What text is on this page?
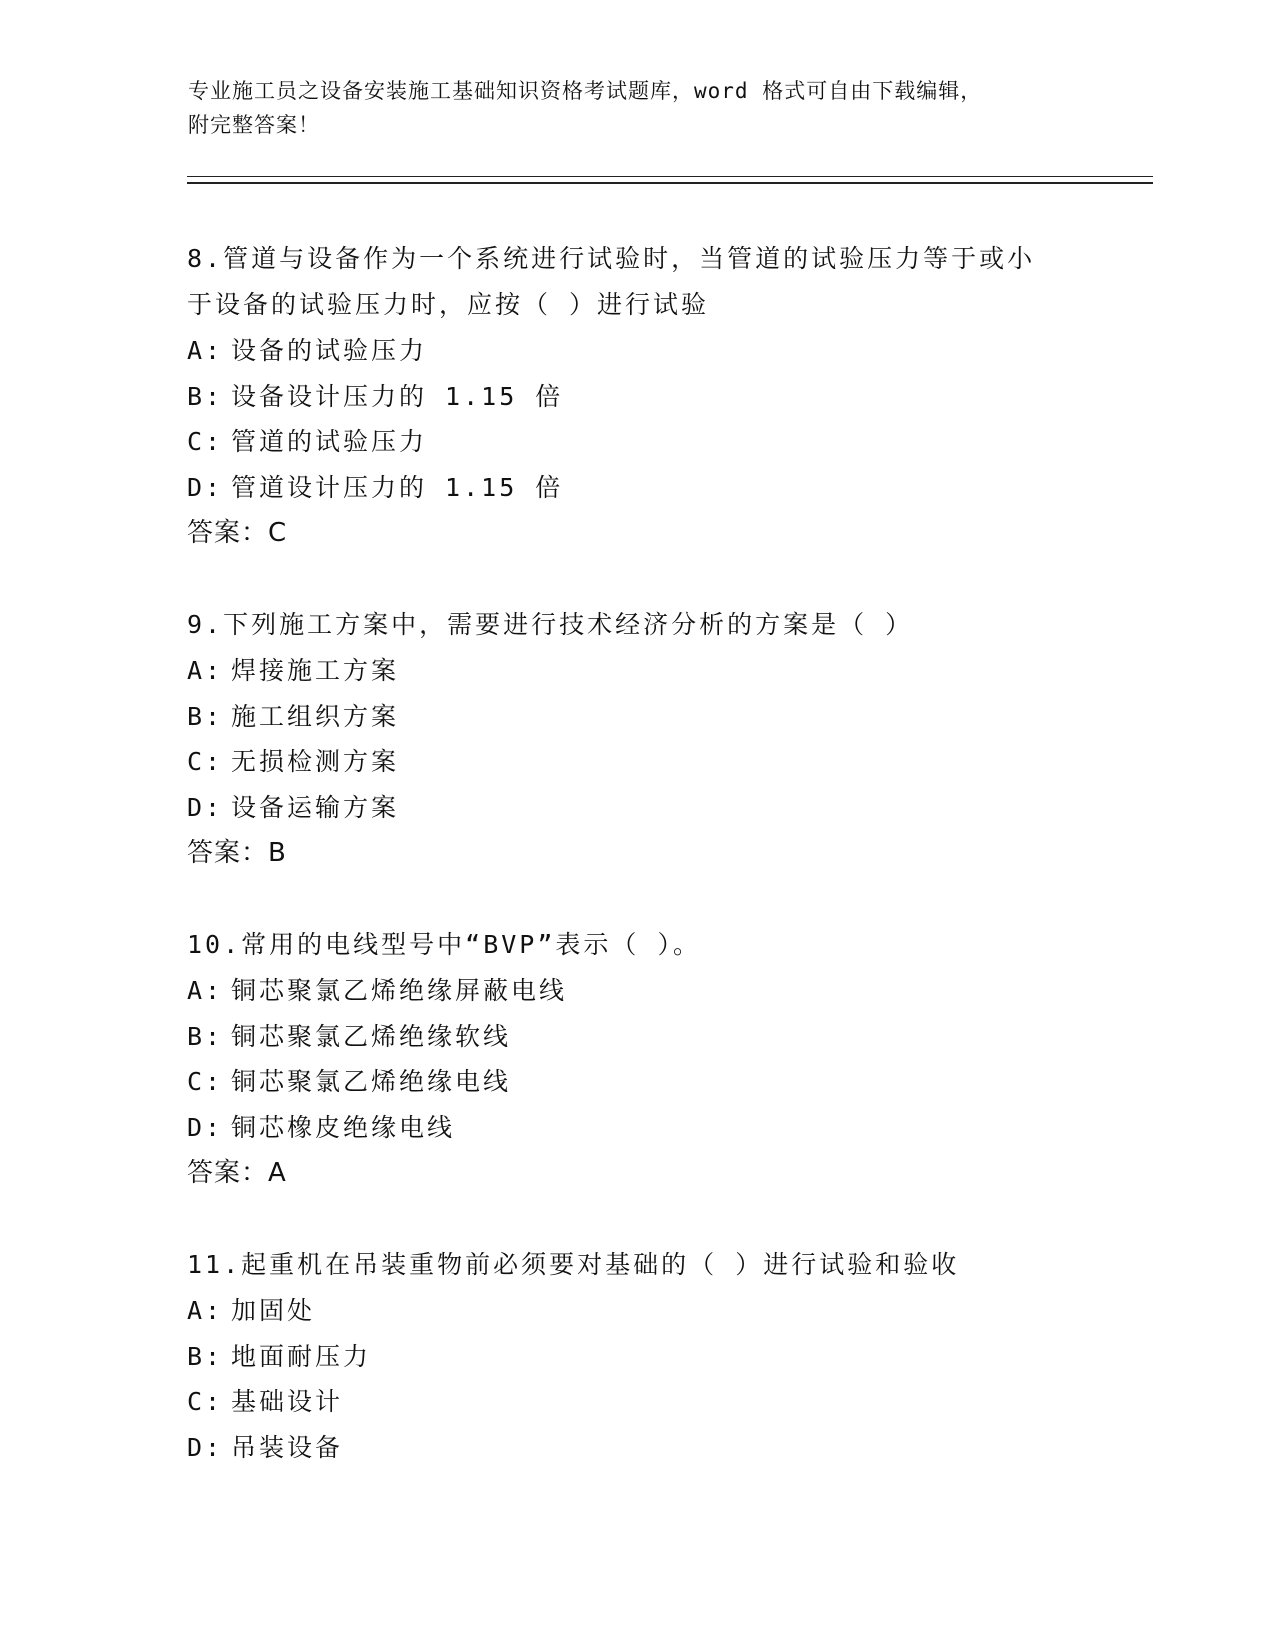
专业施工员之设备安装施工基础知识资格考试题库，word 格式可自由下载编辑，
附完整答案！
8.管道与设备作为一个系统进行试验时，当管道的试验压力等于或小
于设备的试验压力时，应按（ ）进行试验
A: 设备的试验压力
B: 设备设计压力的 1.15 倍
C: 管道的试验压力
D: 管道设计压力的 1.15 倍
答案：C
9.下列施工方案中，需要进行技术经济分析的方案是（ ）
A: 焊接施工方案
B: 施工组织方案
C: 无损检测方案
D: 设备运输方案
答案：B
10.常用的电线型号中“BVP”表示（ ）。
A: 铜芯聚氯乙烯绝缘屏蔽电线
B: 铜芯聚氯乙烯绝缘软线
C: 铜芯聚氯乙烯绝缘电线
D: 铜芯橡皮绝缘电线
答案：A
11.起重机在吊装重物前必须要对基础的（ ）进行试验和验收
A: 加固处
B: 地面耐压力
C: 基础设计
D: 吊装设备
